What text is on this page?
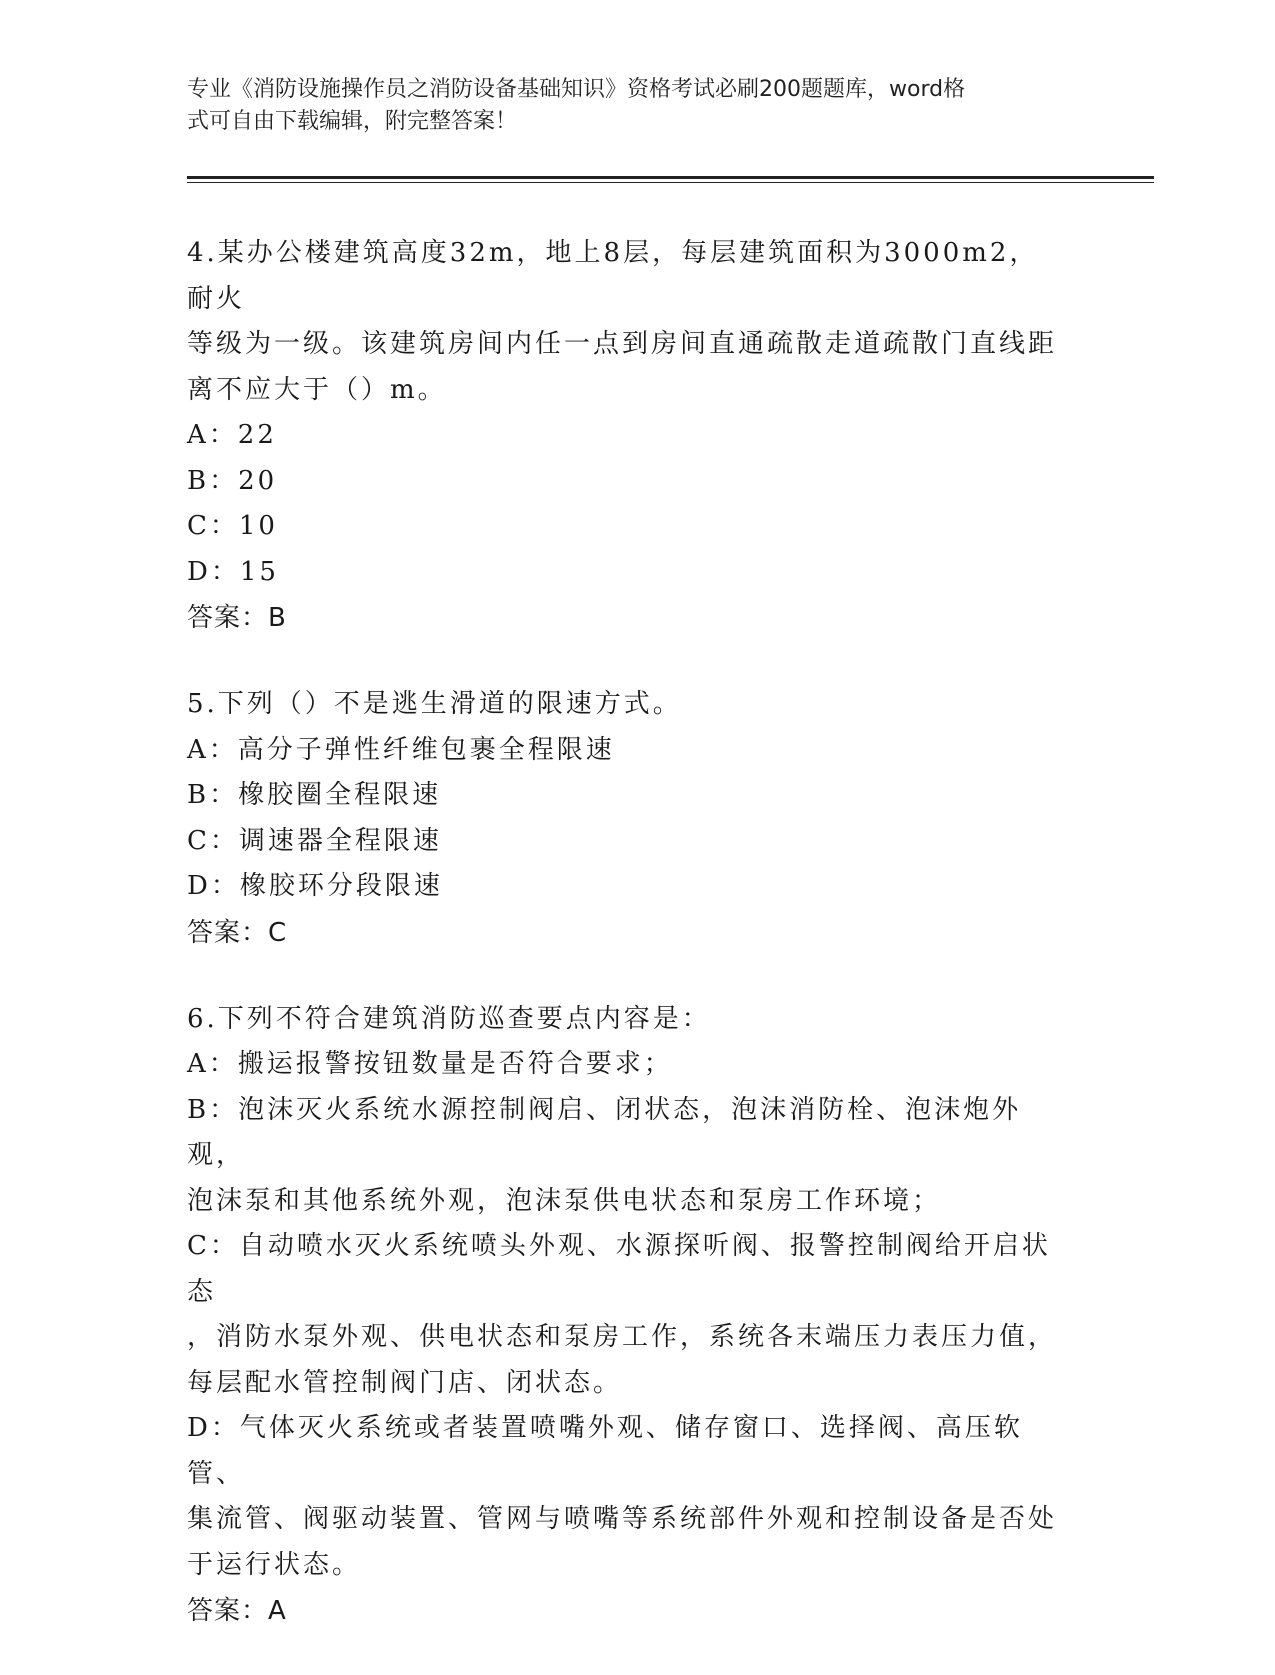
专业《消防设施操作员之消防设备基础知识》资格考试必刷200题题库，word格
式可自由下载编辑，附完整答案！
4.某办公楼建筑高度32m，地上8层，每层建筑面积为3000m2，耐火
等级为一级。该建筑房间内任一点到房间直通疏散走道疏散门直线距
离不应大于（）m。
A：22
B：20
C：10
D：15
答案：B
5.下列（）不是逃生滑道的限速方式。
A：高分子弹性纤维包裹全程限速
B：橡胶圈全程限速
C：调速器全程限速
D：橡胶环分段限速
答案：C
6.下列不符合建筑消防巡查要点内容是：
A：搬运报警按钮数量是否符合要求；
B：泡沫灭火系统水源控制阀启、闭状态，泡沫消防栓、泡沫炮外观，
泡沫泵和其他系统外观，泡沫泵供电状态和泵房工作环境；
C：自动喷水灭火系统喷头外观、水源探听阀、报警控制阀给开启状态
，消防水泵外观、供电状态和泵房工作，系统各末端压力表压力值，
每层配水管控制阀门店、闭状态。
D：气体灭火系统或者装置喷嘴外观、储存窗口、选择阀、高压软管、
集流管、阀驱动装置、管网与喷嘴等系统部件外观和控制设备是否处
于运行状态。
答案：A
